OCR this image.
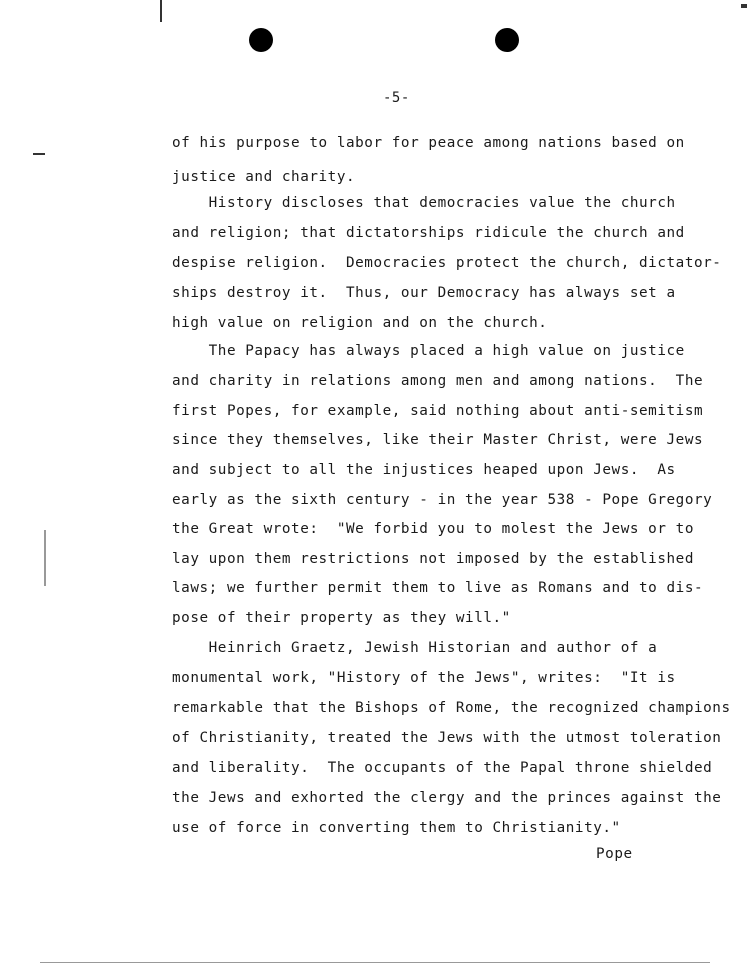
-5-
of his purpose to labor for peace among nations based on
justice and charity.
History discloses that democracies value the church
and religion; that dictatorships ridicule the church and
despise religion.  Democracies protect the church, dictator-
ships destroy it.  Thus, our Democracy has always set a
high value on religion and on the church.
The Papacy has always placed a high value on justice
and charity in relations among men and among nations.  The
first Popes, for example, said nothing about anti-semitism
since they themselves, like their Master Christ, were Jews
and subject to all the injustices heaped upon Jews.  As
early as the sixth century - in the year 538 - Pope Gregory
the Great wrote:  "We forbid you to molest the Jews or to
lay upon them restrictions not imposed by the established
laws; we further permit them to live as Romans and to dis-
pose of their property as they will."
Heinrich Graetz, Jewish Historian and author of a
monumental work, "History of the Jews", writes:  "It is
remarkable that the Bishops of Rome, the recognized champions
of Christianity, treated the Jews with the utmost toleration
and liberality.  The occupants of the Papal throne shielded
the Jews and exhorted the clergy and the princes against the
use of force in converting them to Christianity."
Pope
